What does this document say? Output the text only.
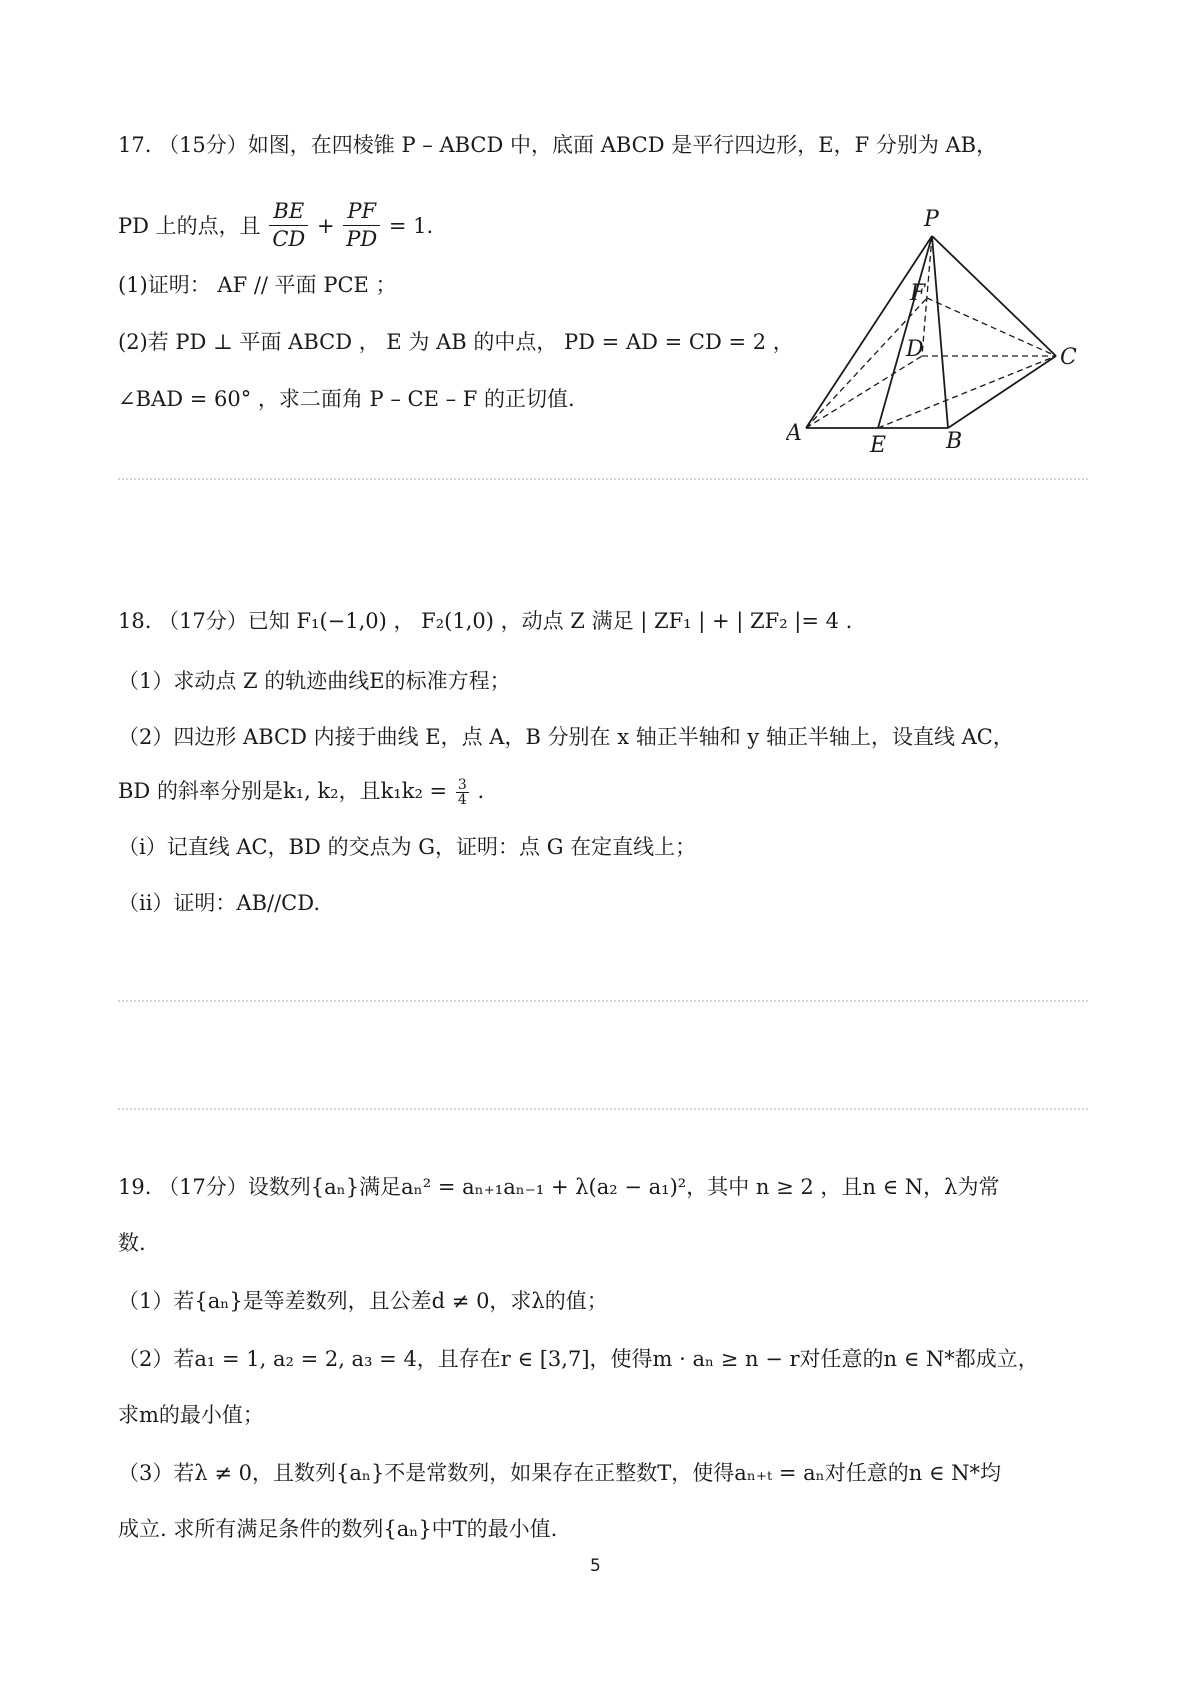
17. （15分）如图，在四棱锥 P – ABCD 中，底面 ABCD 是平行四边形，E，F 分别为 AB，
PD 上的点，且 $\frac{BE}{CD} + \frac{PF}{PD} = 1$.
(1)证明： AF // 平面 PCE ；
(2)若 PD ⊥ 平面 ABCD ， E 为 AB 的中点， PD = AD = CD = 2 ，
∠BAD = 60° ，求二面角 P – CE – F 的正切值.
P
F
D	C
A	E	B
18. （17分）已知 F₁(−1,0) ， F₂(1,0) ，动点 Z 满足 | ZF₁ | + | ZF₂ |= 4 .
（1）求动点 Z 的轨迹曲线E的标准方程；
（2）四边形 ABCD 内接于曲线 E，点 A，B 分别在 x 轴正半轴和 y 轴正半轴上，设直线 AC，
BD 的斜率分别是k₁, k₂，且$k_1k_2 = \frac{3}{4}$ .
（i）记直线 AC，BD 的交点为 G，证明：点 G 在定直线上；
（ii）证明：AB//CD.
19. （17分）设数列{aₙ}满足aₙ² = aₙ₊₁aₙ₋₁ + λ(a₂ − a₁)²，其中 n ≥ 2 ，且n ∈ N，λ为常
数.
（1）若{aₙ}是等差数列，且公差d ≠ 0，求λ的值；
（2）若a₁ = 1, a₂ = 2, a₃ = 4，且存在r ∈ [3,7]，使得m · aₙ ≥ n − r对任意的n ∈ N*都成立，
求m的最小值；
（3）若λ ≠ 0，且数列{aₙ}不是常数列，如果存在正整数T，使得aₙ₊ₜ = aₙ对任意的n ∈ N*均
成立. 求所有满足条件的数列{aₙ}中T的最小值.
5
